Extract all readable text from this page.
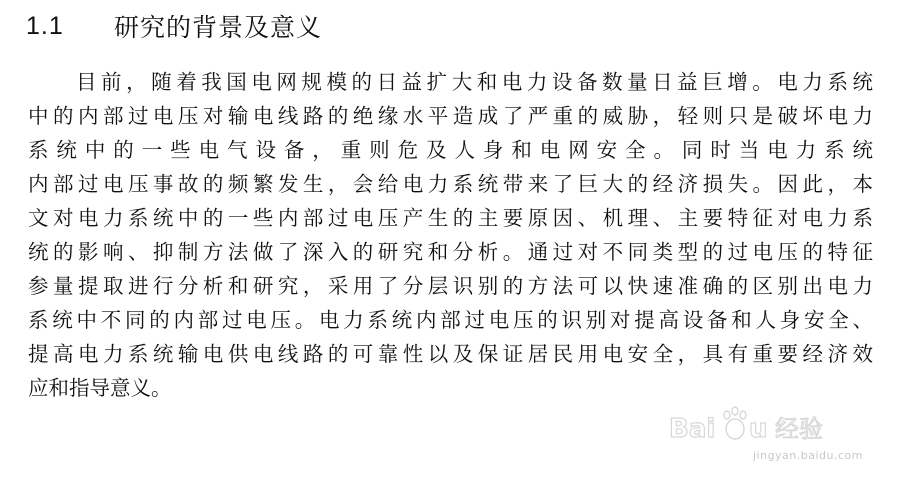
1.1	研究的背景及意义
目前，随着我国电网规模的日益扩大和电力设备数量日益巨增。电力系统
中的内部过电压对输电线路的绝缘水平造成了严重的威胁，轻则只是破坏电力
系统中的一些电气设备，重则危及人身和电网安全。同时当电力系统
内部过电压事故的频繁发生，会给电力系统带来了巨大的经济损失。因此，本
文对电力系统中的一些内部过电压产生的主要原因、机理、主要特征对电力系
统的影响、抑制方法做了深入的研究和分析。通过对不同类型的过电压的特征
参量提取进行分析和研究，采用了分层识别的方法可以快速准确的区别出电力
系统中不同的内部过电压。电力系统内部过电压的识别对提高设备和人身安全、
提高电力系统输电供电线路的可靠性以及保证居民用电安全，具有重要经济效
应和指导意义。
Bai u 经验
jingyan.baidu.com
